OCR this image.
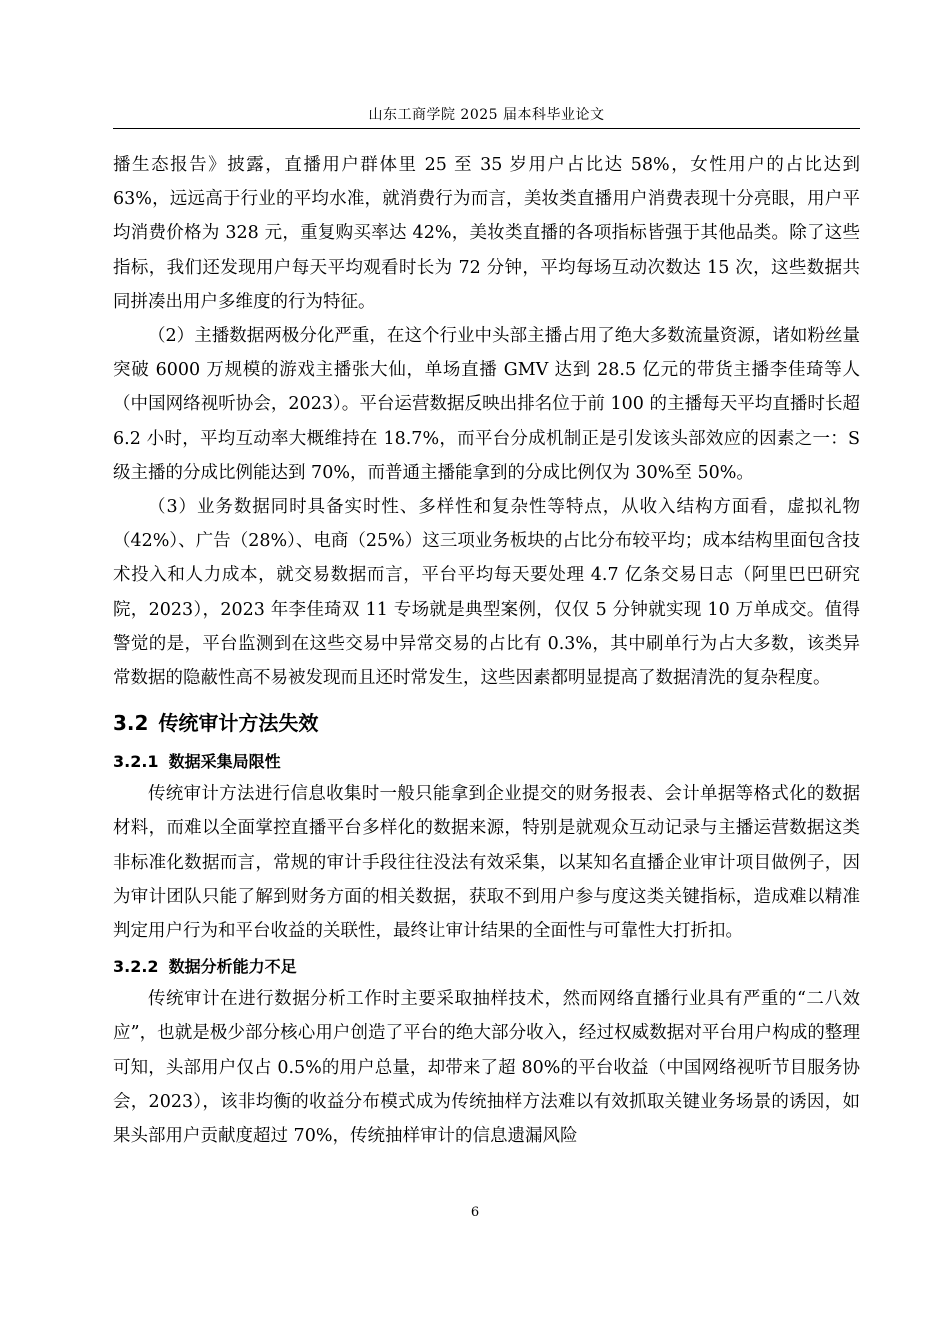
山东工商学院 2025 届本科毕业论文

播生态报告》披露，直播用户群体里 25 至 35 岁用户占比达 58%，女性用户的占比达到 63%，远远高于行业的平均水准，就消费行为而言，美妆类直播用户消费表现十分亮眼，用户平均消费价格为 328 元，重复购买率达 42%，美妆类直播的各项指标皆强于其他品类。除了这些指标，我们还发现用户每天平均观看时长为 72 分钟，平均每场互动次数达 15 次，这些数据共同拼凑出用户多维度的行为特征。

（2）主播数据两极分化严重，在这个行业中头部主播占用了绝大多数流量资源，诸如粉丝量突破 6000 万规模的游戏主播张大仙，单场直播 GMV 达到 28.5 亿元的带货主播李佳琦等人（中国网络视听协会，2023）。平台运营数据反映出排名位于前 100 的主播每天平均直播时长超 6.2 小时，平均互动率大概维持在 18.7%，而平台分成机制正是引发该头部效应的因素之一：S 级主播的分成比例能达到 70%，而普通主播能拿到的分成比例仅为 30%至 50%。

（3）业务数据同时具备实时性、多样性和复杂性等特点，从收入结构方面看，虚拟礼物（42%）、广告（28%）、电商（25%）这三项业务板块的占比分布较平均；成本结构里面包含技术投入和人力成本，就交易数据而言，平台平均每天要处理 4.7 亿条交易日志（阿里巴巴研究院，2023），2023 年李佳琦双 11 专场就是典型案例，仅仅 5 分钟就实现 10 万单成交。值得警觉的是，平台监测到在这些交易中异常交易的占比有 0.3%，其中刷单行为占大多数，该类异常数据的隐蔽性高不易被发现而且还时常发生，这些因素都明显提高了数据清洗的复杂程度。

3.2 传统审计方法失效
3.2.1 数据采集局限性

传统审计方法进行信息收集时一般只能拿到企业提交的财务报表、会计单据等格式化的数据材料，而难以全面掌控直播平台多样化的数据来源，特别是就观众互动记录与主播运营数据这类非标准化数据而言，常规的审计手段往往没法有效采集，以某知名直播企业审计项目做例子，因为审计团队只能了解到财务方面的相关数据，获取不到用户参与度这类关键指标，造成难以精准判定用户行为和平台收益的关联性，最终让审计结果的全面性与可靠性大打折扣。

3.2.2 数据分析能力不足

传统审计在进行数据分析工作时主要采取抽样技术，然而网络直播行业具有严重的“二八效应”，也就是极少部分核心用户创造了平台的绝大部分收入，经过权威数据对平台用户构成的整理可知，头部用户仅占 0.5%的用户总量，却带来了超 80%的平台收益（中国网络视听节目服务协会，2023），该非均衡的收益分布模式成为传统抽样方法难以有效抓取关键业务场景的诱因，如果头部用户贡献度超过 70%，传统抽样审计的信息遗漏风险

6
